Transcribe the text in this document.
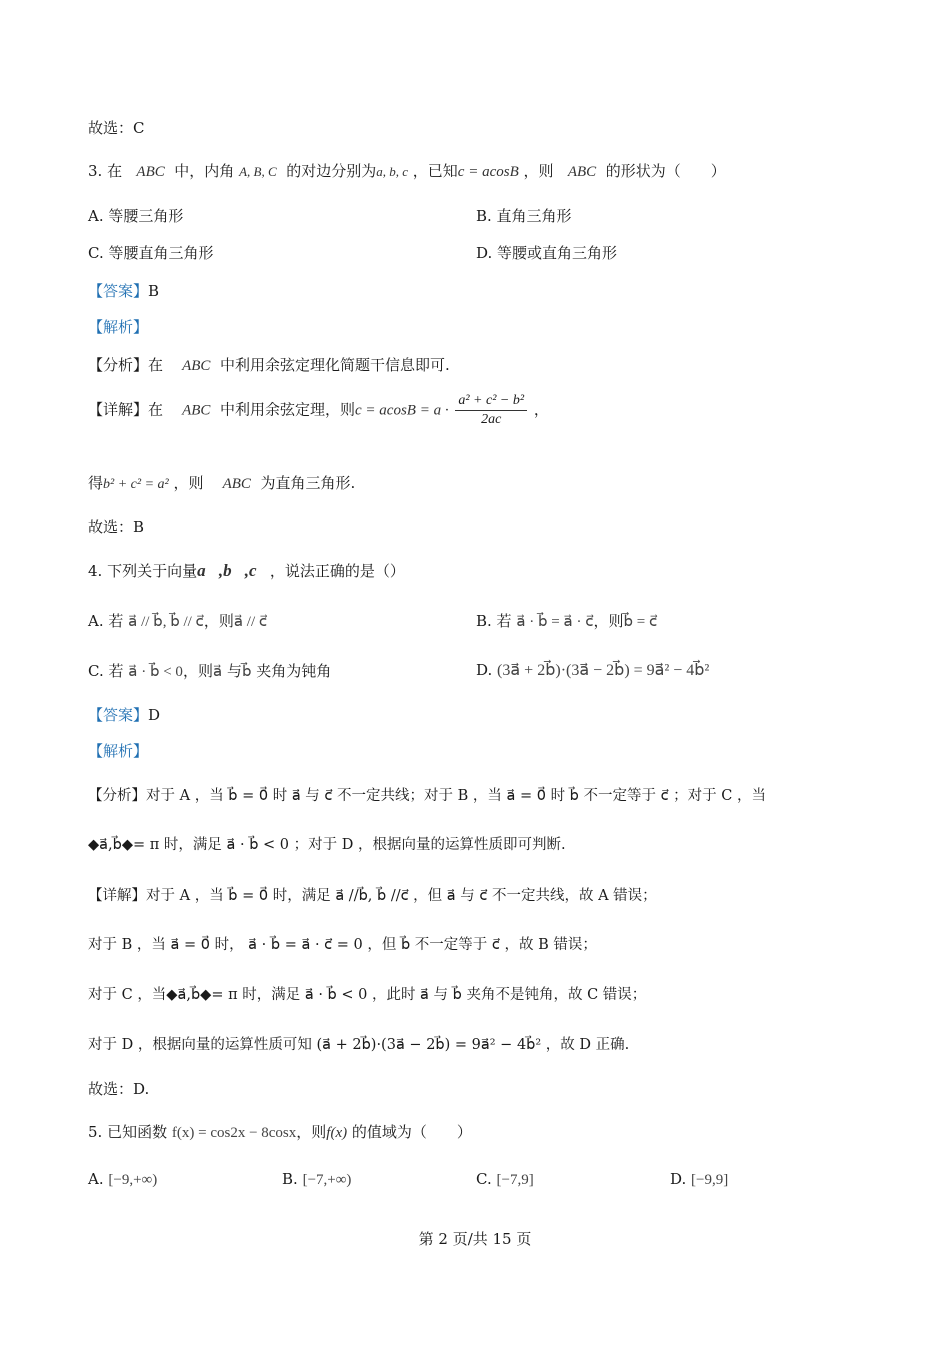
故选：C
3. 在 ABC 中，内角 A, B, C 的对边分别为a, b, c ，已知c = acosB ，则 ABC 的形状为（　　）
A. 等腰三角形	B. 直角三角形
C. 等腰直角三角形	D. 等腰或直角三角形
【答案】B
【解析】
【分析】在 ABC 中利用余弦定理化简题干信息即可.
【详解】在 ABC 中利用余弦定理，则$c = acosB = a \cdot \frac{\text{a² + c² − b²}}{2ac}$ ，
得b² + c² = a² ，则 ABC 为直角三角形.
故选：B
4. 下列关于向量a⃗,b⃗,c⃗，说法正确的是（）
A. 若 a⃗ // b⃗, b⃗ // c⃗，则a⃗ // c⃗	B. 若 a⃗ · b⃗ = a⃗ · c⃗，则b⃗ = c⃗
C. 若 a⃗ · b⃗ < 0，则a⃗ 与b⃗ 夹角为钝角	D. (3a⃗ + 2b⃗)·(3a⃗ − 2b⃗) = 9a⃗² − 4b⃗²
【答案】D
【解析】
【分析】对于 A ，当 b⃗ = 0⃗ 时 a⃗ 与 c⃗ 不一定共线；对于 B ，当 a⃗ = 0⃗ 时 b⃗ 不一定等于 c⃗ ；对于 C ，当
◆a⃗,b⃗◆= π 时，满足 a⃗ · b⃗ < 0 ；对于 D ，根据向量的运算性质即可判断.
【详解】对于 A ，当 b⃗ = 0⃗ 时，满足 a⃗ //b⃗, b⃗ //c⃗ ，但 a⃗ 与 c⃗ 不一定共线，故 A 错误；
对于 B ，当 a⃗ = 0⃗ 时， a⃗ · b⃗ = a⃗ · c⃗ = 0 ，但 b⃗ 不一定等于 c⃗ ，故 B 错误；
对于 C ，当◆a⃗,b⃗◆= π 时，满足 a⃗ · b⃗ < 0 ，此时 a⃗ 与 b⃗ 夹角不是钝角，故 C 错误；
对于 D ，根据向量的运算性质可知 (a⃗ + 2b⃗)·(3a⃗ − 2b⃗) = 9a⃗² − 4b⃗² ，故 D 正确.
故选：D.
5. 已知函数 f(x) = cos2x − 8cosx，则f(x) 的值域为（　　）
A. [−9,+∞)	B. [−7,+∞)	C. [−7,9]	D. [−9,9]
第 2 页/共 15 页
